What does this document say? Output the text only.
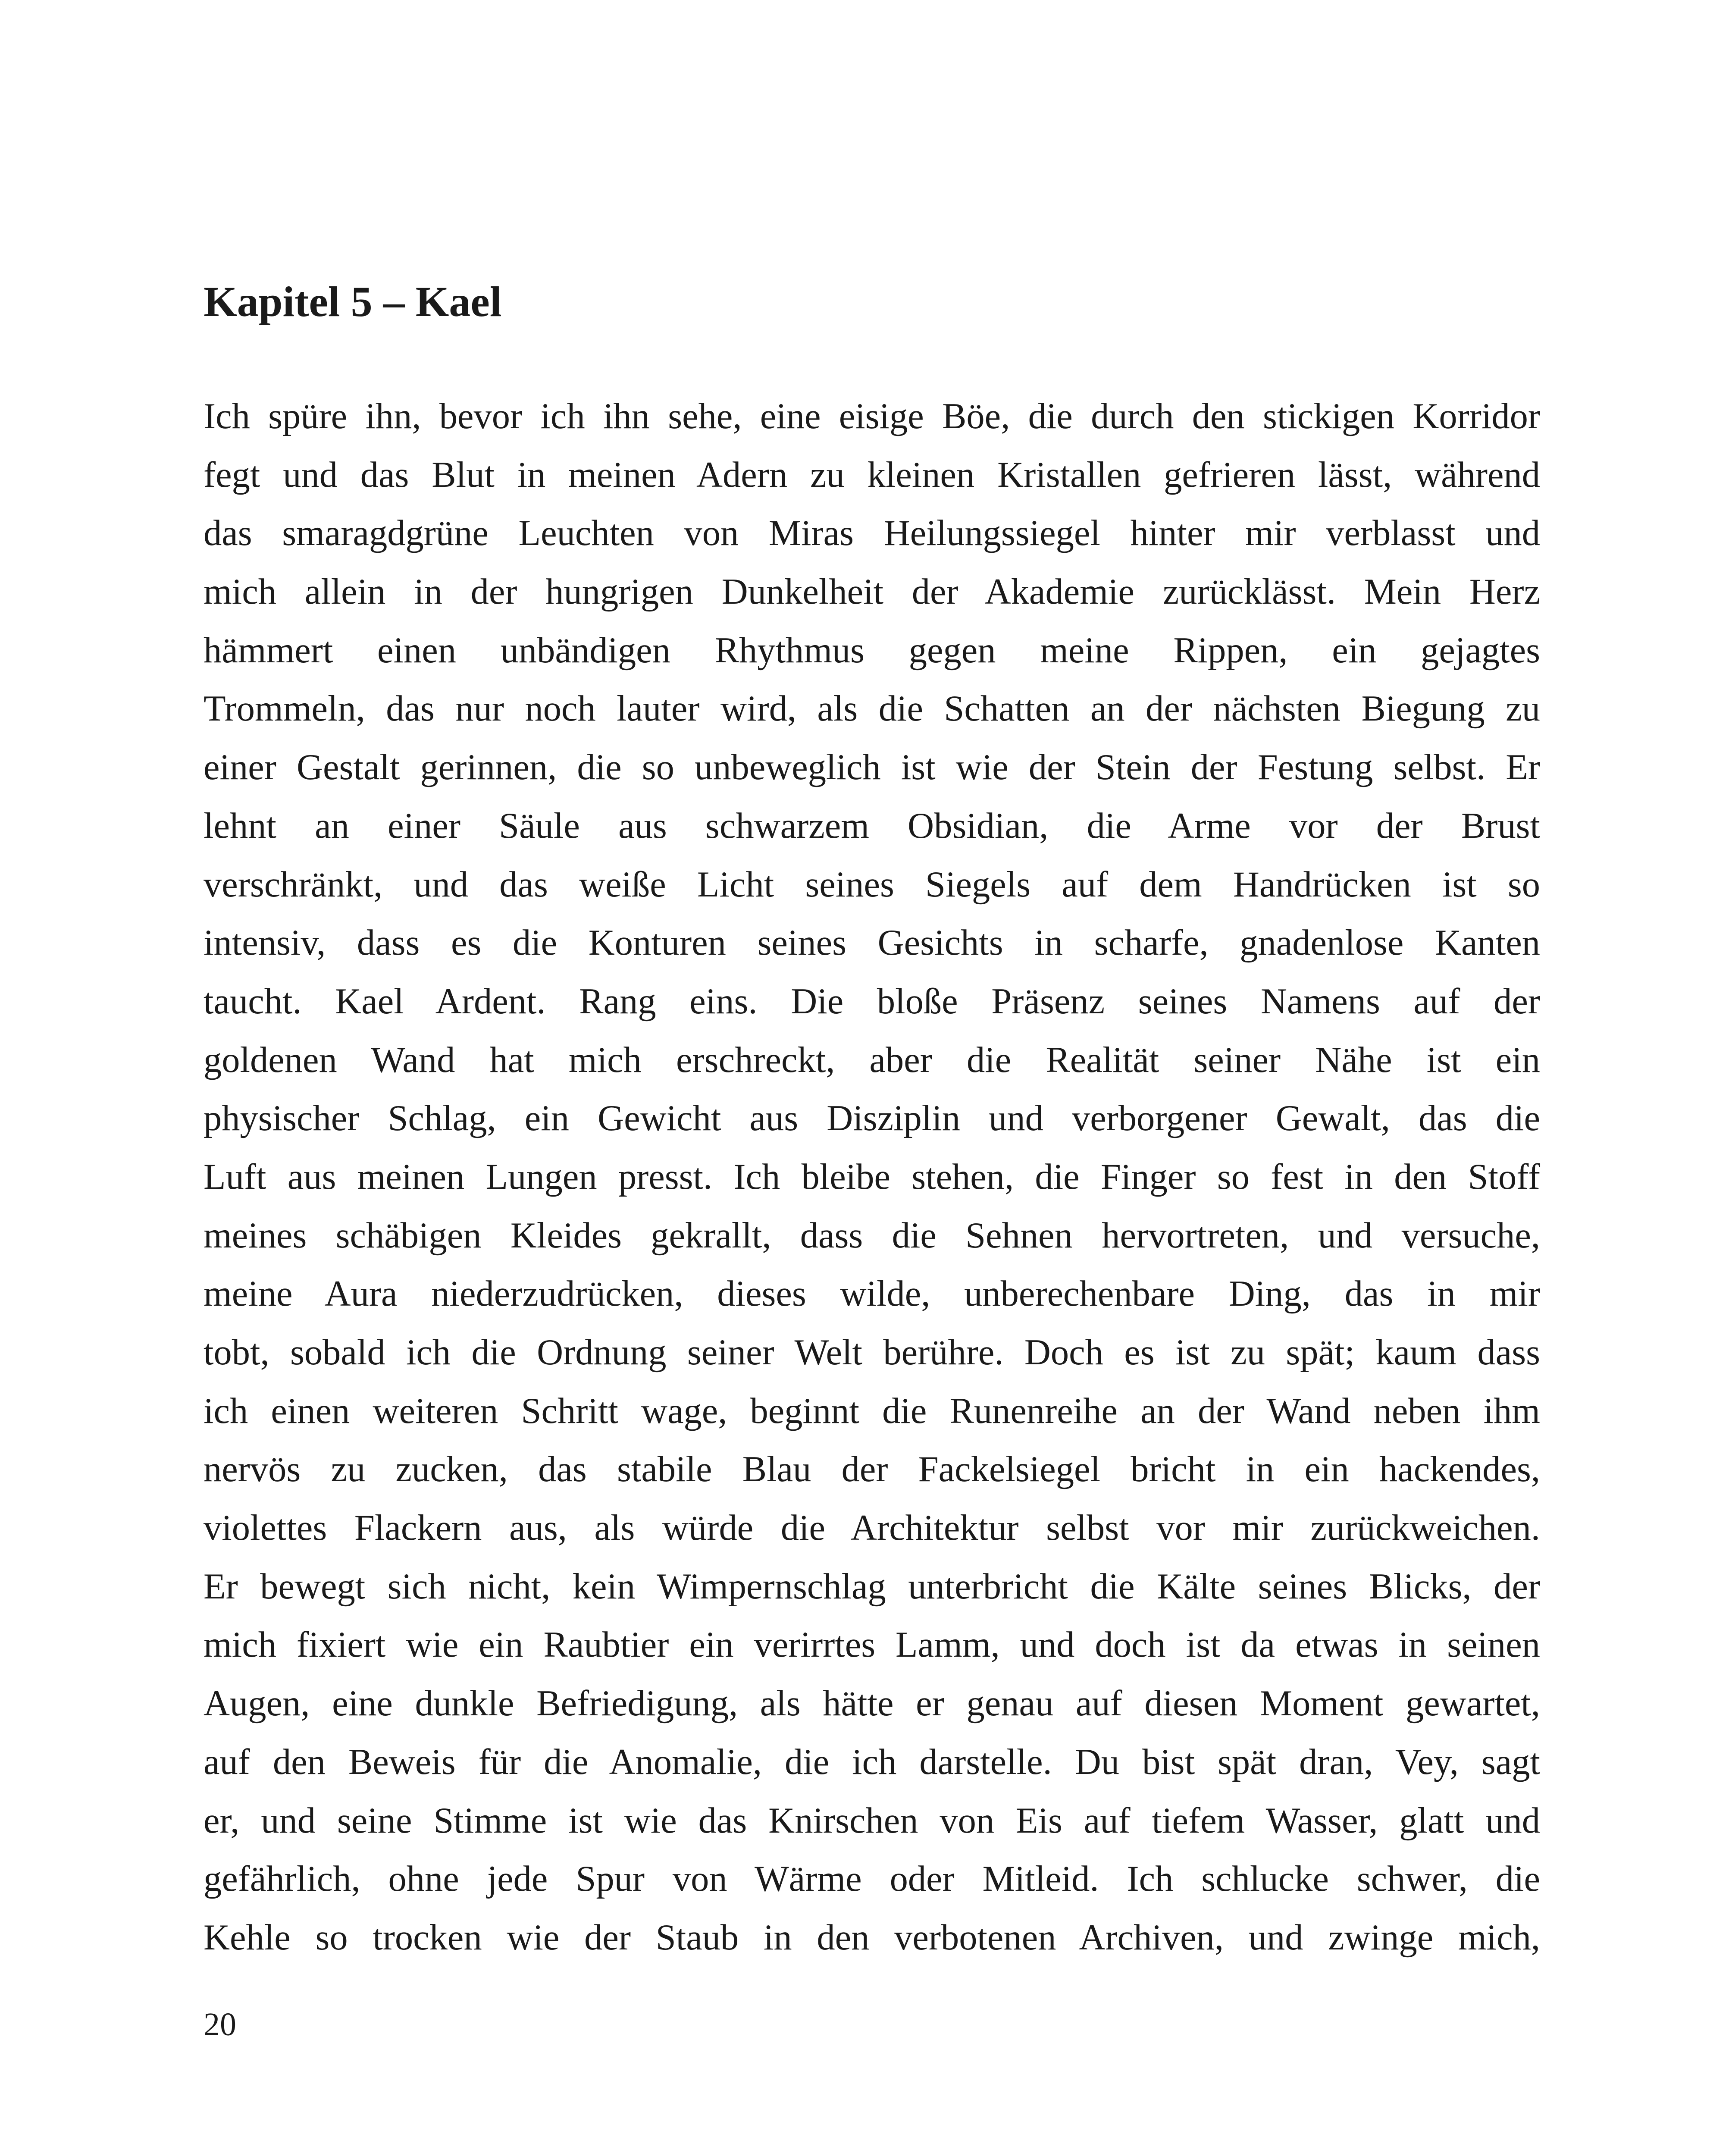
Kapitel 5 – Kael
Ich spüre ihn, bevor ich ihn sehe, eine eisige Böe, die durch den stickigen Korridor
fegt und das Blut in meinen Adern zu kleinen Kristallen gefrieren lässt, während
das smaragdgrüne Leuchten von Miras Heilungssiegel hinter mir verblasst und
mich allein in der hungrigen Dunkelheit der Akademie zurücklässt. Mein Herz
hämmert einen unbändigen Rhythmus gegen meine Rippen, ein gejagtes
Trommeln, das nur noch lauter wird, als die Schatten an der nächsten Biegung zu
einer Gestalt gerinnen, die so unbeweglich ist wie der Stein der Festung selbst. Er
lehnt an einer Säule aus schwarzem Obsidian, die Arme vor der Brust
verschränkt, und das weiße Licht seines Siegels auf dem Handrücken ist so
intensiv, dass es die Konturen seines Gesichts in scharfe, gnadenlose Kanten
taucht. Kael Ardent. Rang eins. Die bloße Präsenz seines Namens auf der
goldenen Wand hat mich erschreckt, aber die Realität seiner Nähe ist ein
physischer Schlag, ein Gewicht aus Disziplin und verborgener Gewalt, das die
Luft aus meinen Lungen presst. Ich bleibe stehen, die Finger so fest in den Stoff
meines schäbigen Kleides gekrallt, dass die Sehnen hervortreten, und versuche,
meine Aura niederzudrücken, dieses wilde, unberechenbare Ding, das in mir
tobt, sobald ich die Ordnung seiner Welt berühre. Doch es ist zu spät; kaum dass
ich einen weiteren Schritt wage, beginnt die Runenreihe an der Wand neben ihm
nervös zu zucken, das stabile Blau der Fackelsiegel bricht in ein hackendes,
violettes Flackern aus, als würde die Architektur selbst vor mir zurückweichen.
Er bewegt sich nicht, kein Wimpernschlag unterbricht die Kälte seines Blicks, der
mich fixiert wie ein Raubtier ein verirrtes Lamm, und doch ist da etwas in seinen
Augen, eine dunkle Befriedigung, als hätte er genau auf diesen Moment gewartet,
auf den Beweis für die Anomalie, die ich darstelle. Du bist spät dran, Vey, sagt
er, und seine Stimme ist wie das Knirschen von Eis auf tiefem Wasser, glatt und
gefährlich, ohne jede Spur von Wärme oder Mitleid. Ich schlucke schwer, die
Kehle so trocken wie der Staub in den verbotenen Archiven, und zwinge mich,
20
